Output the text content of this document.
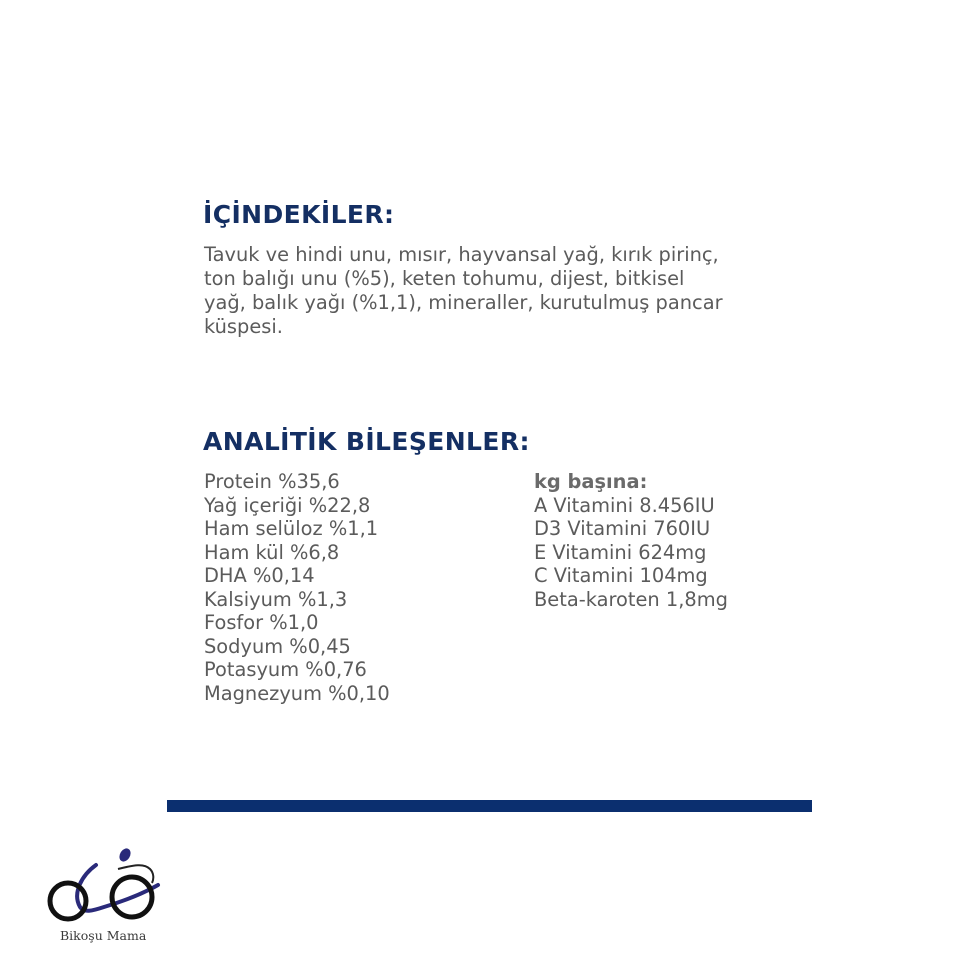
İÇİNDEKİLER:
Tavuk ve hindi unu, mısır, hayvansal yağ, kırık pirinç,
ton balığı unu (%5), keten tohumu, dijest, bitkisel
yağ, balık yağı (%1,1), mineraller, kurutulmuş pancar
küspesi.
ANALİTİK BİLEŞENLER:
Protein %35,6
Yağ içeriği %22,8
Ham selüloz %1,1
Ham kül %6,8
DHA %0,14
Kalsiyum %1,3
Fosfor %1,0
Sodyum %0,45
Potasyum %0,76
Magnezyum %0,10
kg başına:
A Vitamini 8.456IU
D3 Vitamini 760IU
E Vitamini 624mg
C Vitamini 104mg
Beta-karoten 1,8mg
Bikoşu Mama
